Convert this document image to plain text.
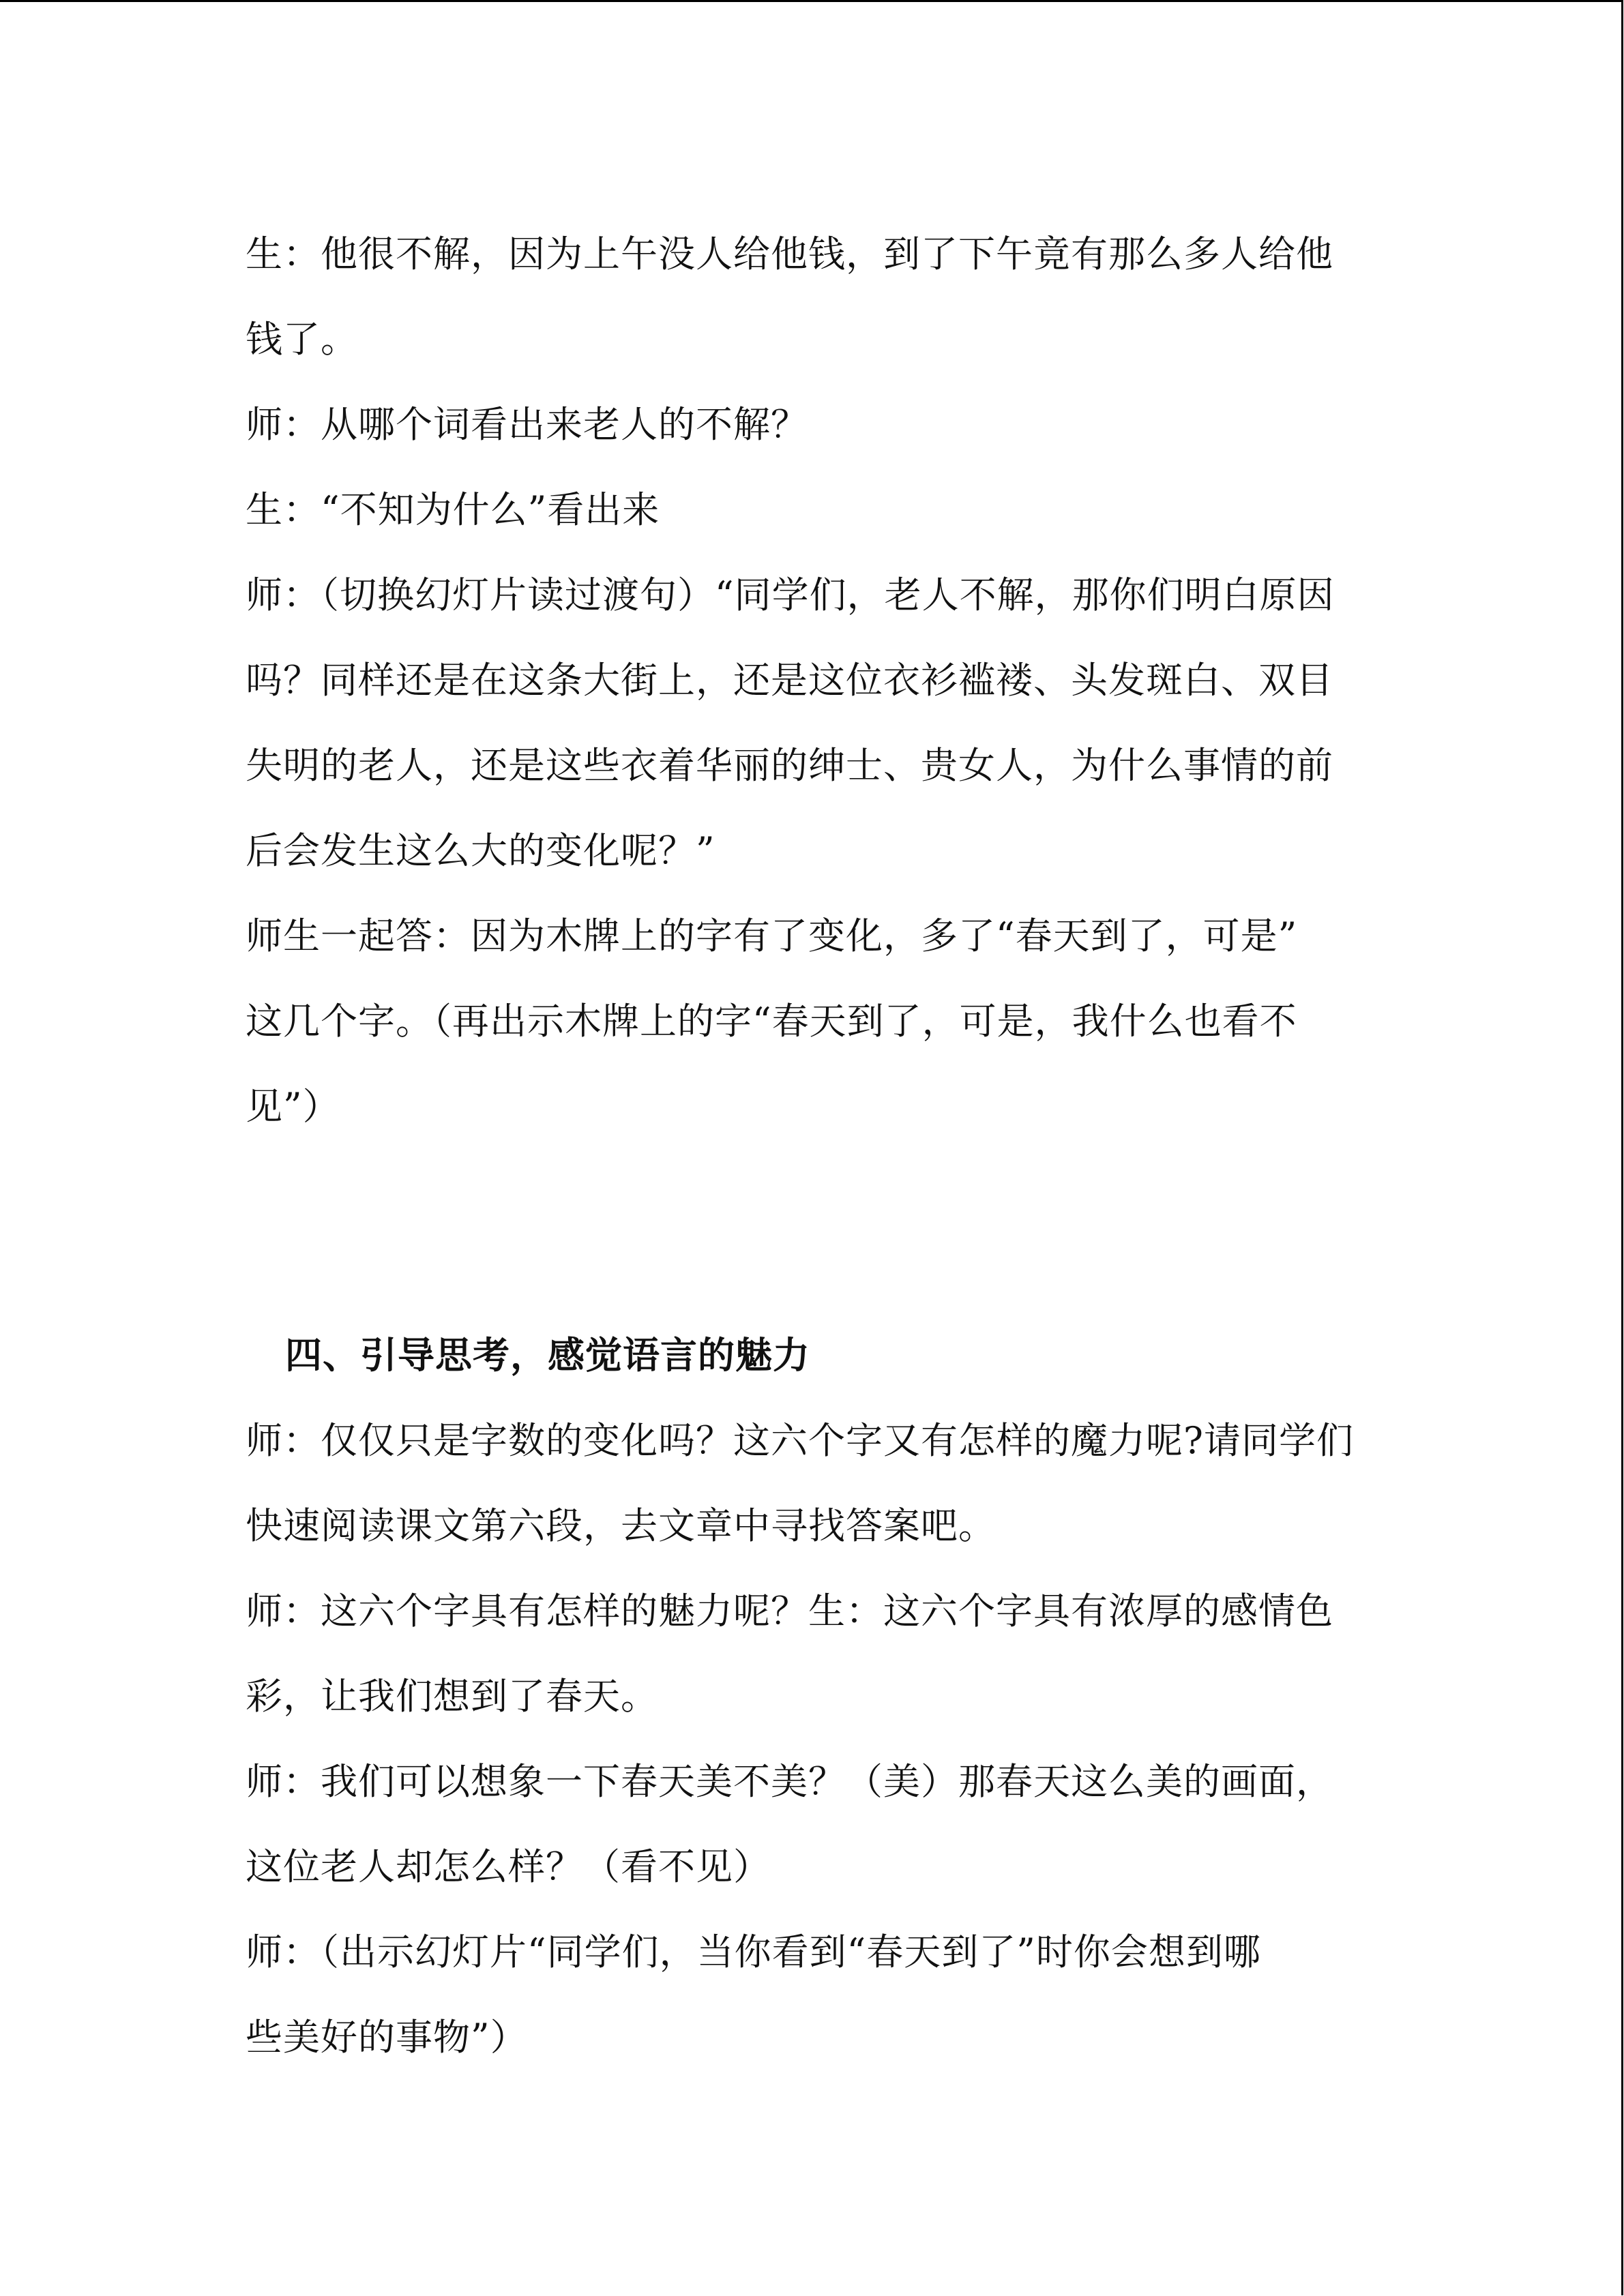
生：他很不解，因为上午没人给他钱，到了下午竟有那么多人给他
钱了。
师：从哪个词看出来老人的不解？
生：“不知为什么”看出来
师：（切换幻灯片读过渡句）“同学们，老人不解，那你们明白原因
吗？同样还是在这条大街上，还是这位衣衫褴褛、头发斑白、双目
失明的老人，还是这些衣着华丽的绅士、贵女人，为什么事情的前
后会发生这么大的变化呢？”
师生一起答：因为木牌上的字有了变化，多了“春天到了，可是”
这几个字。（再出示木牌上的字“春天到了，可是，我什么也看不
见”）
四、引导思考，感觉语言的魅力
师：仅仅只是字数的变化吗？这六个字又有怎样的魔力呢?请同学们
快速阅读课文第六段，去文章中寻找答案吧。
师：这六个字具有怎样的魅力呢？生：这六个字具有浓厚的感情色
彩，让我们想到了春天。
师：我们可以想象一下春天美不美？（美）那春天这么美的画面，
这位老人却怎么样？（看不见）
师：（出示幻灯片“同学们，当你看到“春天到了”时你会想到哪
些美好的事物”）
